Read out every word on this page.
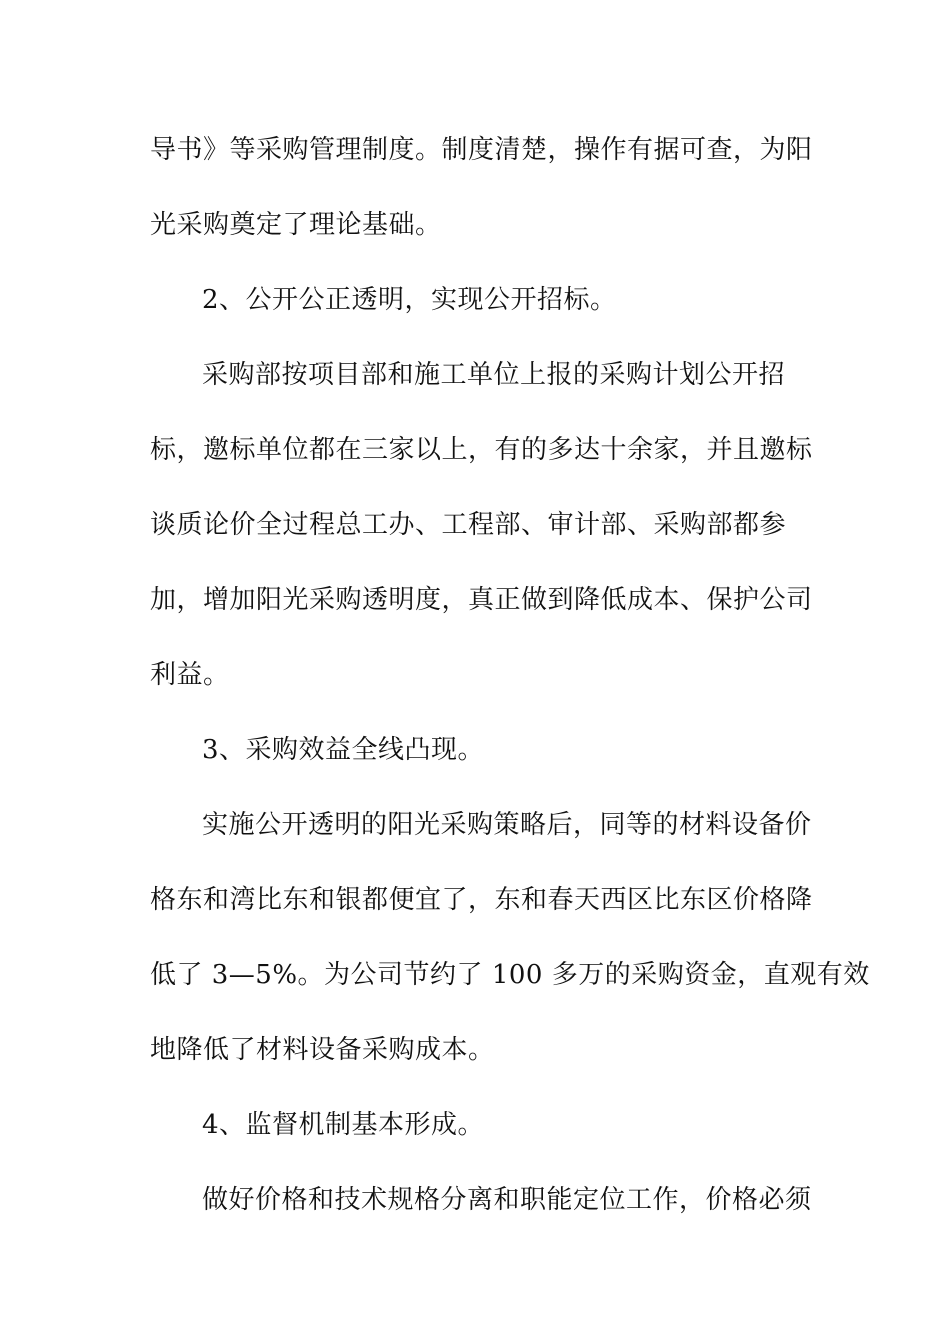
导书》等采购管理制度。制度清楚，操作有据可查，为阳
光采购奠定了理论基础。
2、公开公正透明，实现公开招标。
采购部按项目部和施工单位上报的采购计划公开招
标，邀标单位都在三家以上，有的多达十余家，并且邀标
谈质论价全过程总工办、工程部、审计部、采购部都参
加，增加阳光采购透明度，真正做到降低成本、保护公司
利益。
3、采购效益全线凸现。
实施公开透明的阳光采购策略后，同等的材料设备价
格东和湾比东和银都便宜了，东和春天西区比东区价格降
低了 3—5%。为公司节约了 100 多万的采购资金，直观有效
地降低了材料设备采购成本。
4、监督机制基本形成。
做好价格和技术规格分离和职能定位工作，价格必须
